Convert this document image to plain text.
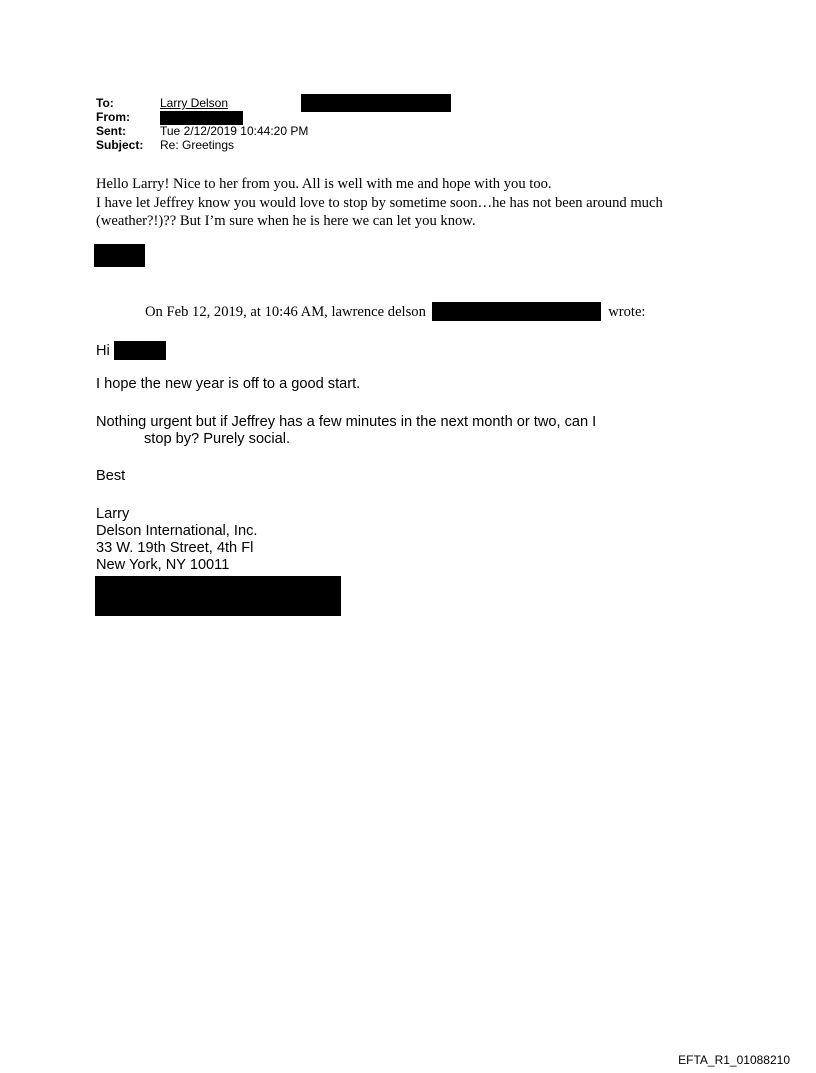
To:	Larry Delson
From:
Sent:	Tue 2/12/2019 10:44:20 PM
Subject: Re: Greetings
Hello Larry! Nice to her from you. All is well with me and hope with you too.
I have let Jeffrey know you would love to stop by sometime soon…he has not been around much
(weather?!)?? But I’m sure when he is here we can let you know.
On Feb 12, 2019, at 10:46 AM, lawrence delson	wrote:
Hi
I hope the new year is off to a good start.
Nothing urgent but if Jeffrey has a few minutes in the next month or two, can I
stop by? Purely social.
Best
Larry
Delson International, Inc.
33 W. 19th Street, 4th Fl
New York, NY 10011
EFTA_R1_01088210
